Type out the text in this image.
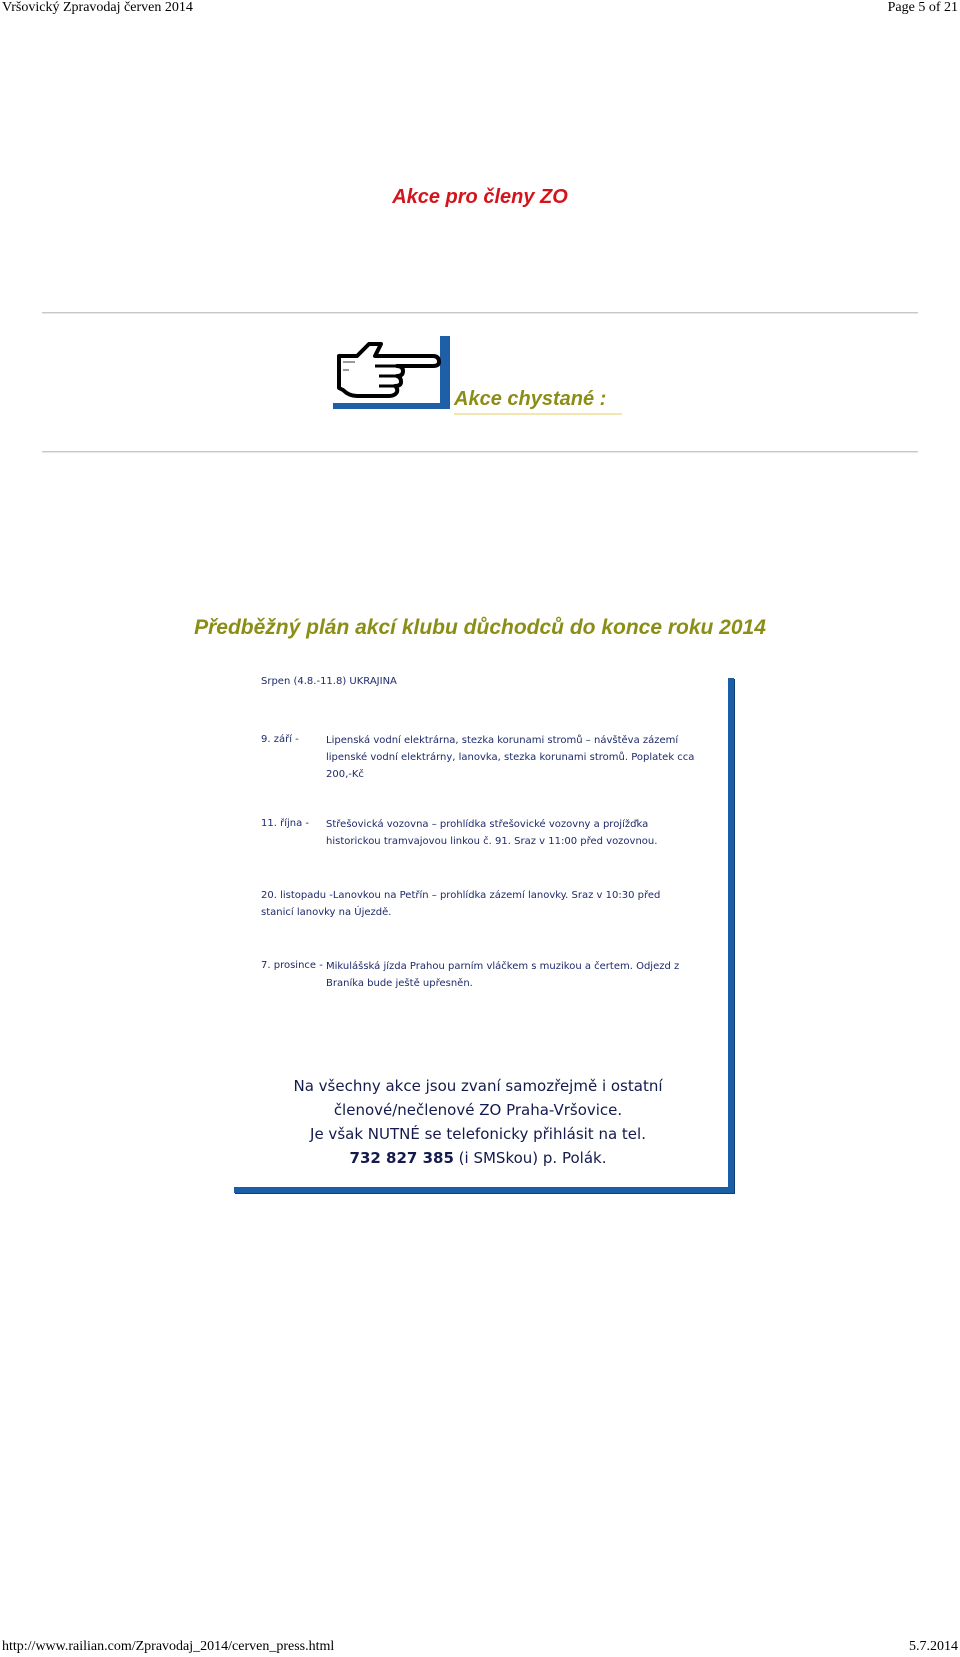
Vršovický Zpravodaj červen 2014	Page 5 of 21
Akce pro členy ZO
Akce chystané :
Předběžný plán akcí klubu důchodců do konce roku 2014
Srpen (4.8.-11.8) UKRAJINA
9. září -	Lipenská vodní elektrárna, stezka korunami stromů – návštěva zázemí lipenské vodní elektrárny, lanovka, stezka korunami stromů. Poplatek cca 200,-Kč
11. října - Střešovická vozovna – prohlídka střešovické vozovny a projížďka historickou tramvajovou linkou č. 91. Sraz v 11:00 před vozovnou.
20. listopadu -Lanovkou na Petřín – prohlídka zázemí lanovky. Sraz v 10:30 před stanicí lanovky na Újezdě.
7. prosince - Mikulášská jízda Prahou parním vláčkem s muzikou a čertem. Odjezd z Braníka bude ještě upřesněn.
Na všechny akce jsou zvaní samozřejmě i ostatní
členové/nečlenové ZO Praha-Vršovice.
Je však NUTNÉ se telefonicky přihlásit na tel.
732 827 385 (i SMSkou) p. Polák.
http://www.railian.com/Zpravodaj_2014/cerven_press.html	5.7.2014
